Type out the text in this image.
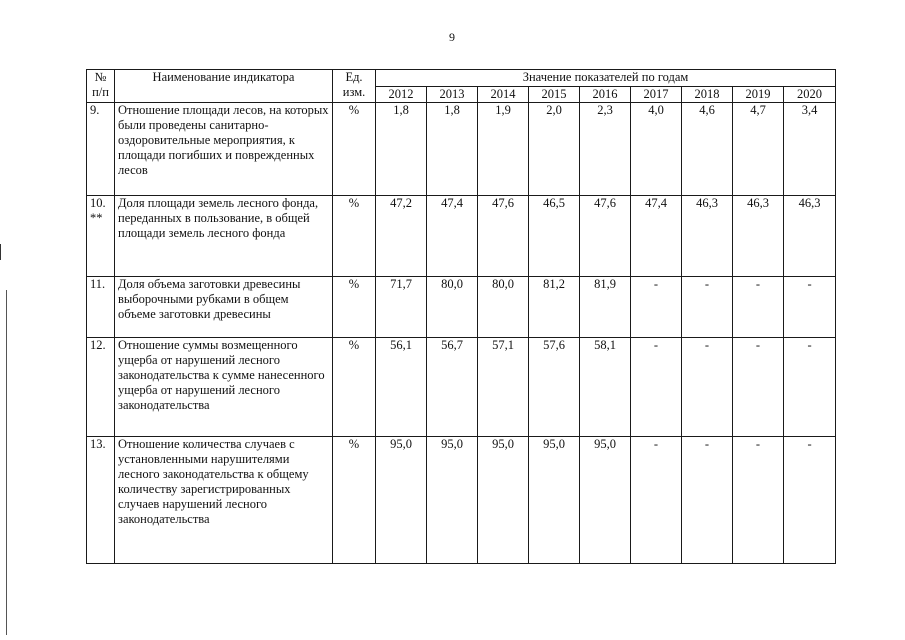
9
№ п/п	Наименование индикатора	Ед. изм.	Значение показателей по годам								
			2012	2013	2014	2015	2016	2017	2018	2019	2020
9.	Отношение площади лесов, на которых были проведены санитарно-оздоровительные мероприятия, к площади погибших и поврежденных лесов	%	1,8	1,8	1,9	2,0	2,3	4,0	4,6	4,7	3,4
10. **	Доля площади земель лесного фонда, переданных в пользование, в общей площади земель лесного фонда	%	47,2	47,4	47,6	46,5	47,6	47,4	46,3	46,3	46,3
11.	Доля объема заготовки древесины выборочными рубками в общем объеме заготовки древесины	%	71,7	80,0	80,0	81,2	81,9	-	-	-	-
12.	Отношение суммы возмещенного ущерба от нарушений лесного законодательства к сумме нанесенного ущерба от нарушений лесного законодательства	%	56,1	56,7	57,1	57,6	58,1	-	-	-	-
13.	Отношение количества случаев с установленными нарушителями лесного законодательства к общему количеству зарегистрированных случаев нарушений лесного законодательства	%	95,0	95,0	95,0	95,0	95,0	-	-	-	-
